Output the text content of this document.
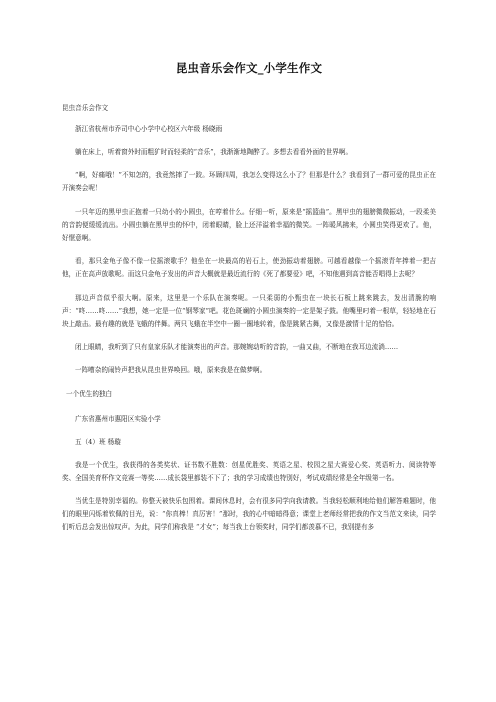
昆虫音乐会作文_小学生作文
昆虫音乐会作文
浙江省杭州市乔司中心小学中心校区六年级 杨晓雨
躺在床上，听着窗外时而粗犷时而轻柔的“音乐”，我渐渐地陶醉了。多想去看看外面的世界啊。
“啊，好痛哦！”不知怎的，我竟然摔了一跤。环顾四周，我怎么变得这么小了？但那是什么？我看到了一群可爱的昆虫正在开演奏会呢！
一只年迈的黑甲虫正抱着一只幼小的小圆虫，在哼着什么。仔细一听，原来是“摇篮曲”。黑甲虫的翅膀微微振动，一段柔美的音韵便缓缓流出。小圆虫躺在黑甲虫的怀中，闭着眼睛，脸上还洋溢着幸福的微笑。一阵暖风拂来，小圆虫笑得更欢了。他，好惬意啊。
看，那只金龟子像不像一位摇滚歌手？他坐在一块最高的岩石上，使劲振动着翅膀。可越看越像一个摇滚青年捧着一把吉他，正在高声放歌呢。而这只金龟子发出的声音大概就是最近流行的《死了都要爱》吧，不知他遇到高音能否唱得上去呢？
那边声音似乎很大啊。原来，这里是一个乐队在演奏呢。一只柔弱的小甄虫在一块长石板上跳来跳去，发出清脆的响声：“咚……咚……”我想，她一定是一位“钢琴家”吧。花色斑斓的小圆虫演奏的一定是架子鼓。他嘴里叼着一根草，轻轻地在石块上敲击。最有趣的就是飞蛾的伴舞。两只飞蛾在半空中一圈一圈地转着，像是跳紧古舞，又像是激情十足的恰恰。
闭上眼睛，我听到了只有皇家乐队才能演奏出的声音。那婉婉动听的音韵，一曲又曲，不断地在我耳边流淌……
一阵嘈杂的闹铃声把我从昆虫世界唤回。哦，原来我是在做梦啊。
一个优生的独白
广东省惠州市惠阳区实验小学
五（4）班 杨璇
我是一个优生，我获得的各类奖状、证书数不胜数：创星优胜奖、英语之星、校园之星大赛爱心奖、英语听力、阅读特等奖、全国美育杯作文竞赛一等奖……成长袋里都装不下了；我的学习成绩也特别好，考试成绩经常是全年级第一名。
当优生是特别幸福的。你整天被快乐包围着。课间休息时，会有很多同学向我请教。当我轻松顺利地给他们解答难题时，他们的眼里闪烁着钦佩的目光，说：“你真棒！真厉害！”那时，我的心中暗暗得意；课堂上老师经常把我的作文当范文来读，同学们听后总会发出惊叹声。为此，同学们称我是 “才女”；每当我上台领奖时，同学们都羡慕不已，我别提有多
